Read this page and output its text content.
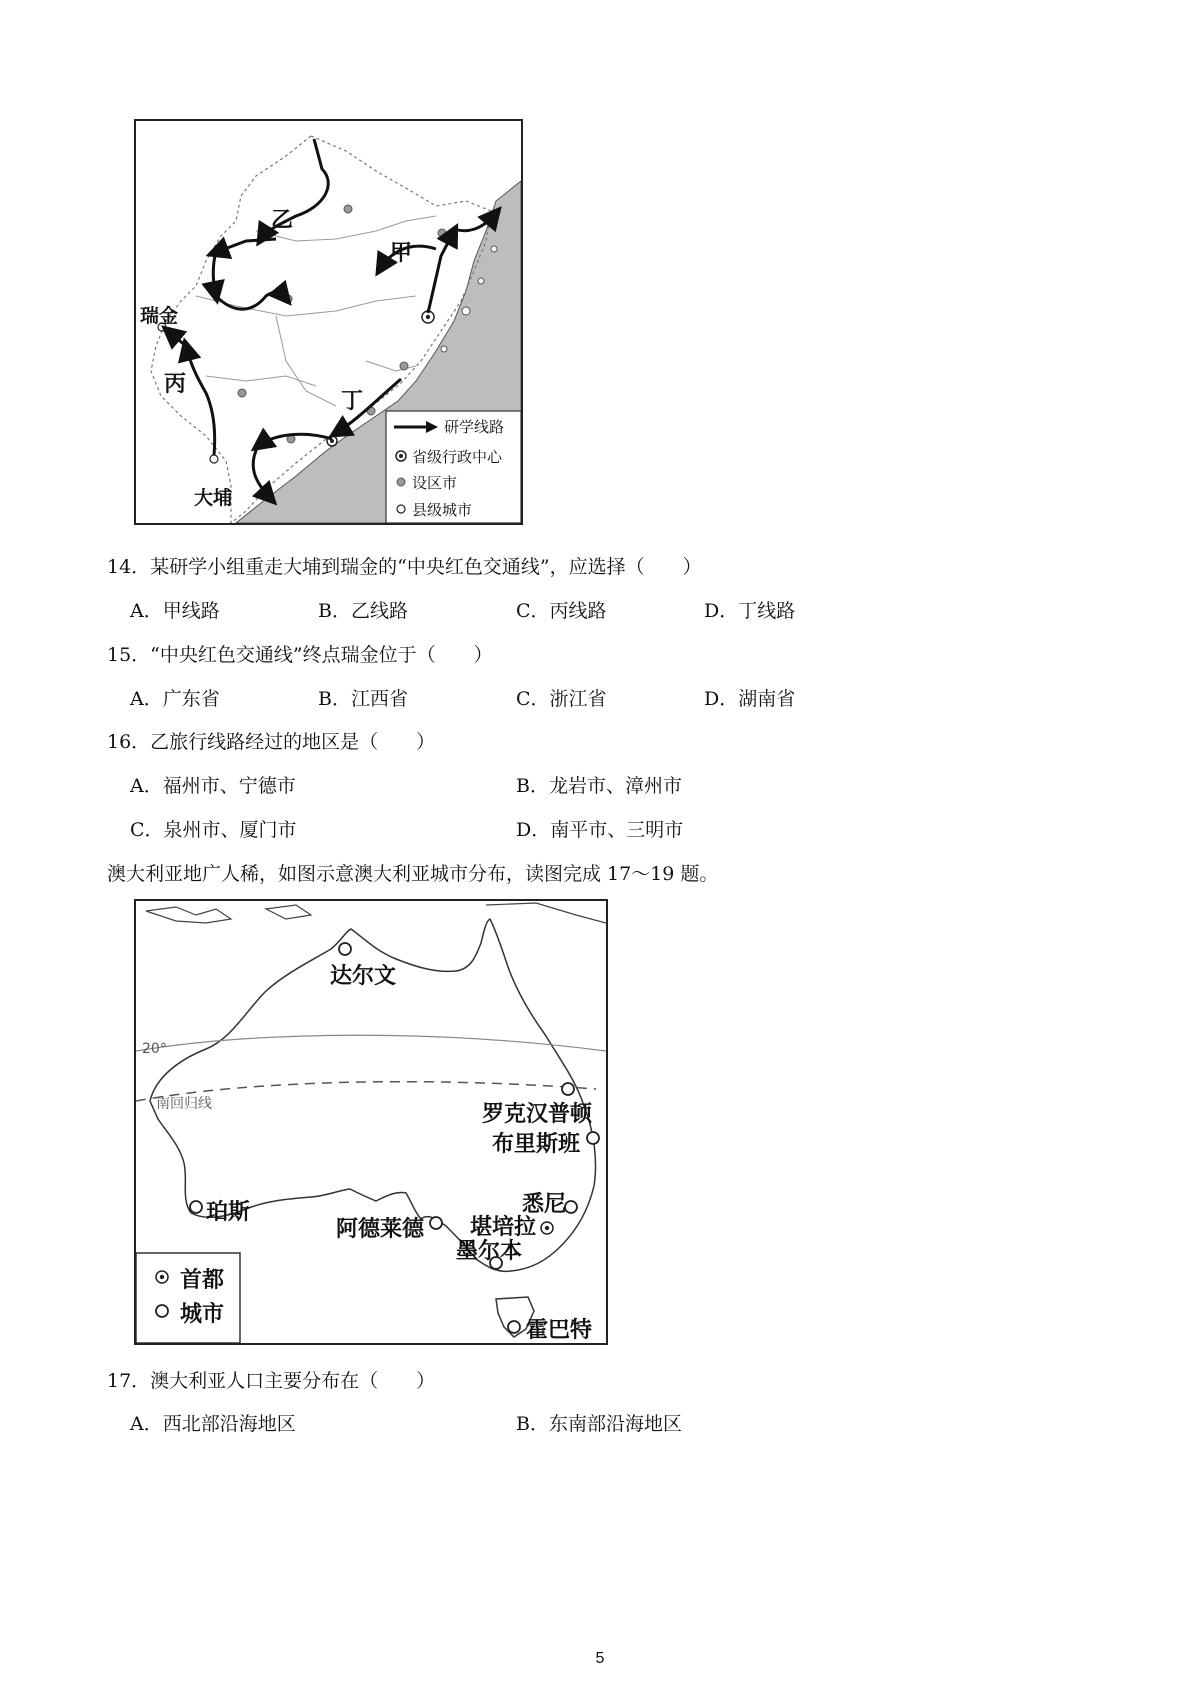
甲
乙
丙
丁
瑞金
大埔
研学线路
省级行政中心
设区市
县级城市
14．某研学小组重走大埔到瑞金的“中央红色交通线”，应选择（　　）
A．甲线路	B．乙线路	C．丙线路	D．丁线路
15．“中央红色交通线”终点瑞金位于（　　）
A．广东省	B．江西省	C．浙江省	D．湖南省
16．乙旅行线路经过的地区是（　　）
A．福州市、宁德市	B．龙岩市、漳州市
C．泉州市、厦门市	D．南平市、三明市
澳大利亚地广人稀，如图示意澳大利亚城市分布，读图完成 17～19 题。
20°
南回归线
达尔文
罗克汉普顿
布里斯班
珀斯	悉尼
阿德莱德 堪培拉
墨尔本
霍巴特
首都
城市
17．澳大利亚人口主要分布在（　　）
A．西北部沿海地区	B．东南部沿海地区
5
